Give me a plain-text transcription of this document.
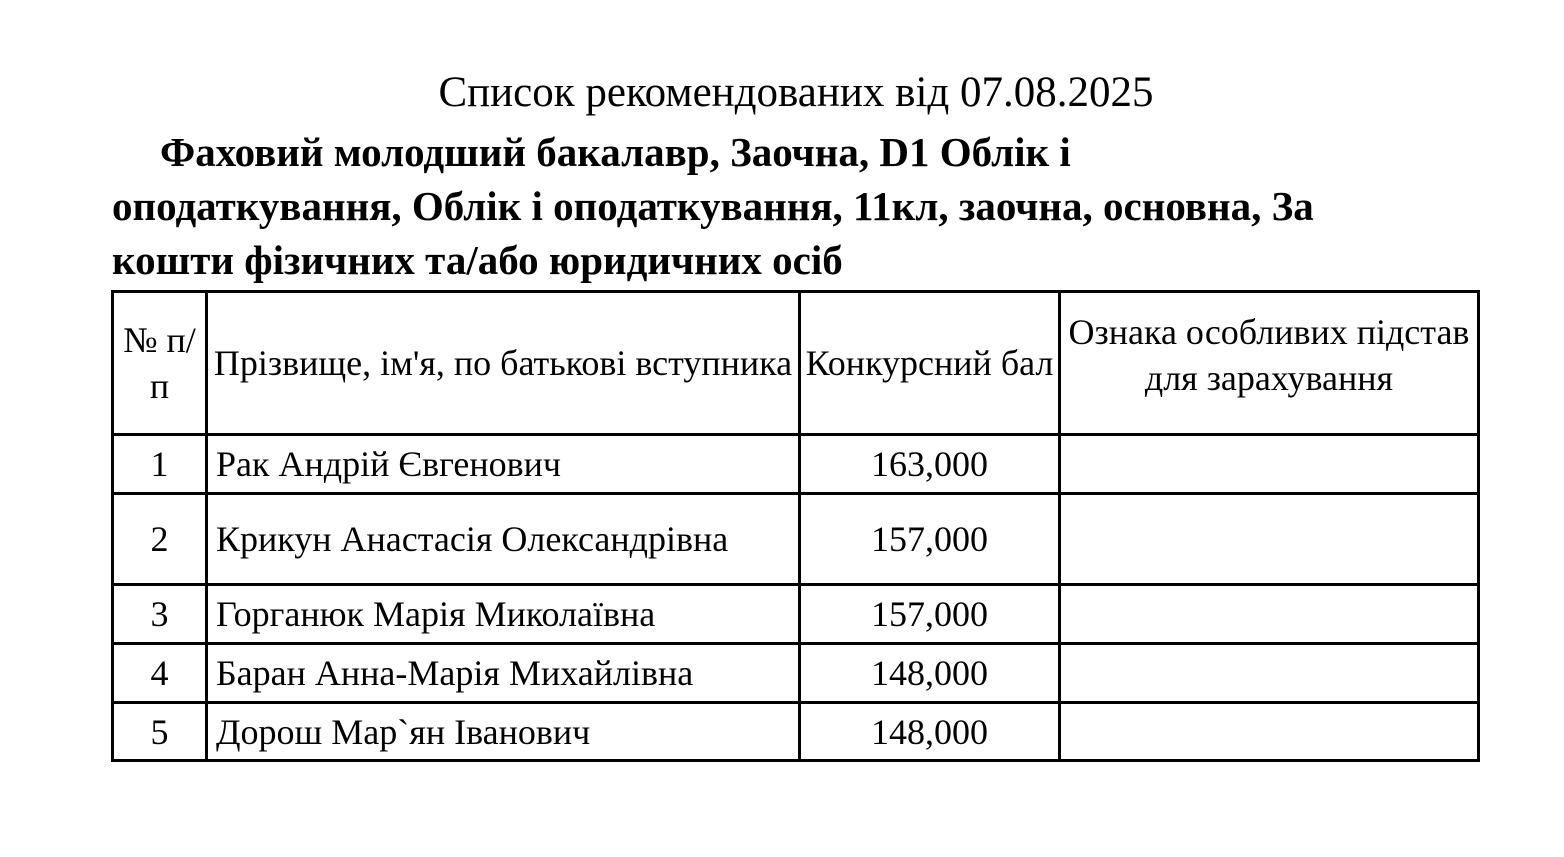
Список рекомендованих від 07.08.2025

Фаховий молодший бакалавр, Заочна, D1 Облік і оподаткування, Облік і оподаткування, 11кл, заочна, основна, За кошти фізичних та/або юридичних осіб

№ п/п	Прізвище, ім'я, по батькові вступника	Конкурсний бал	Ознака особливих підстав для зарахування

1	Рак Андрій Євгенович	163,000	
2	Крикун Анастасія Олександрівна	157,000	
3	Горганюк Марія Миколаївна	157,000	
4	Баран Анна-Марія Михайлівна	148,000	
5	Дорош Мар`ян Іванович	148,000	
